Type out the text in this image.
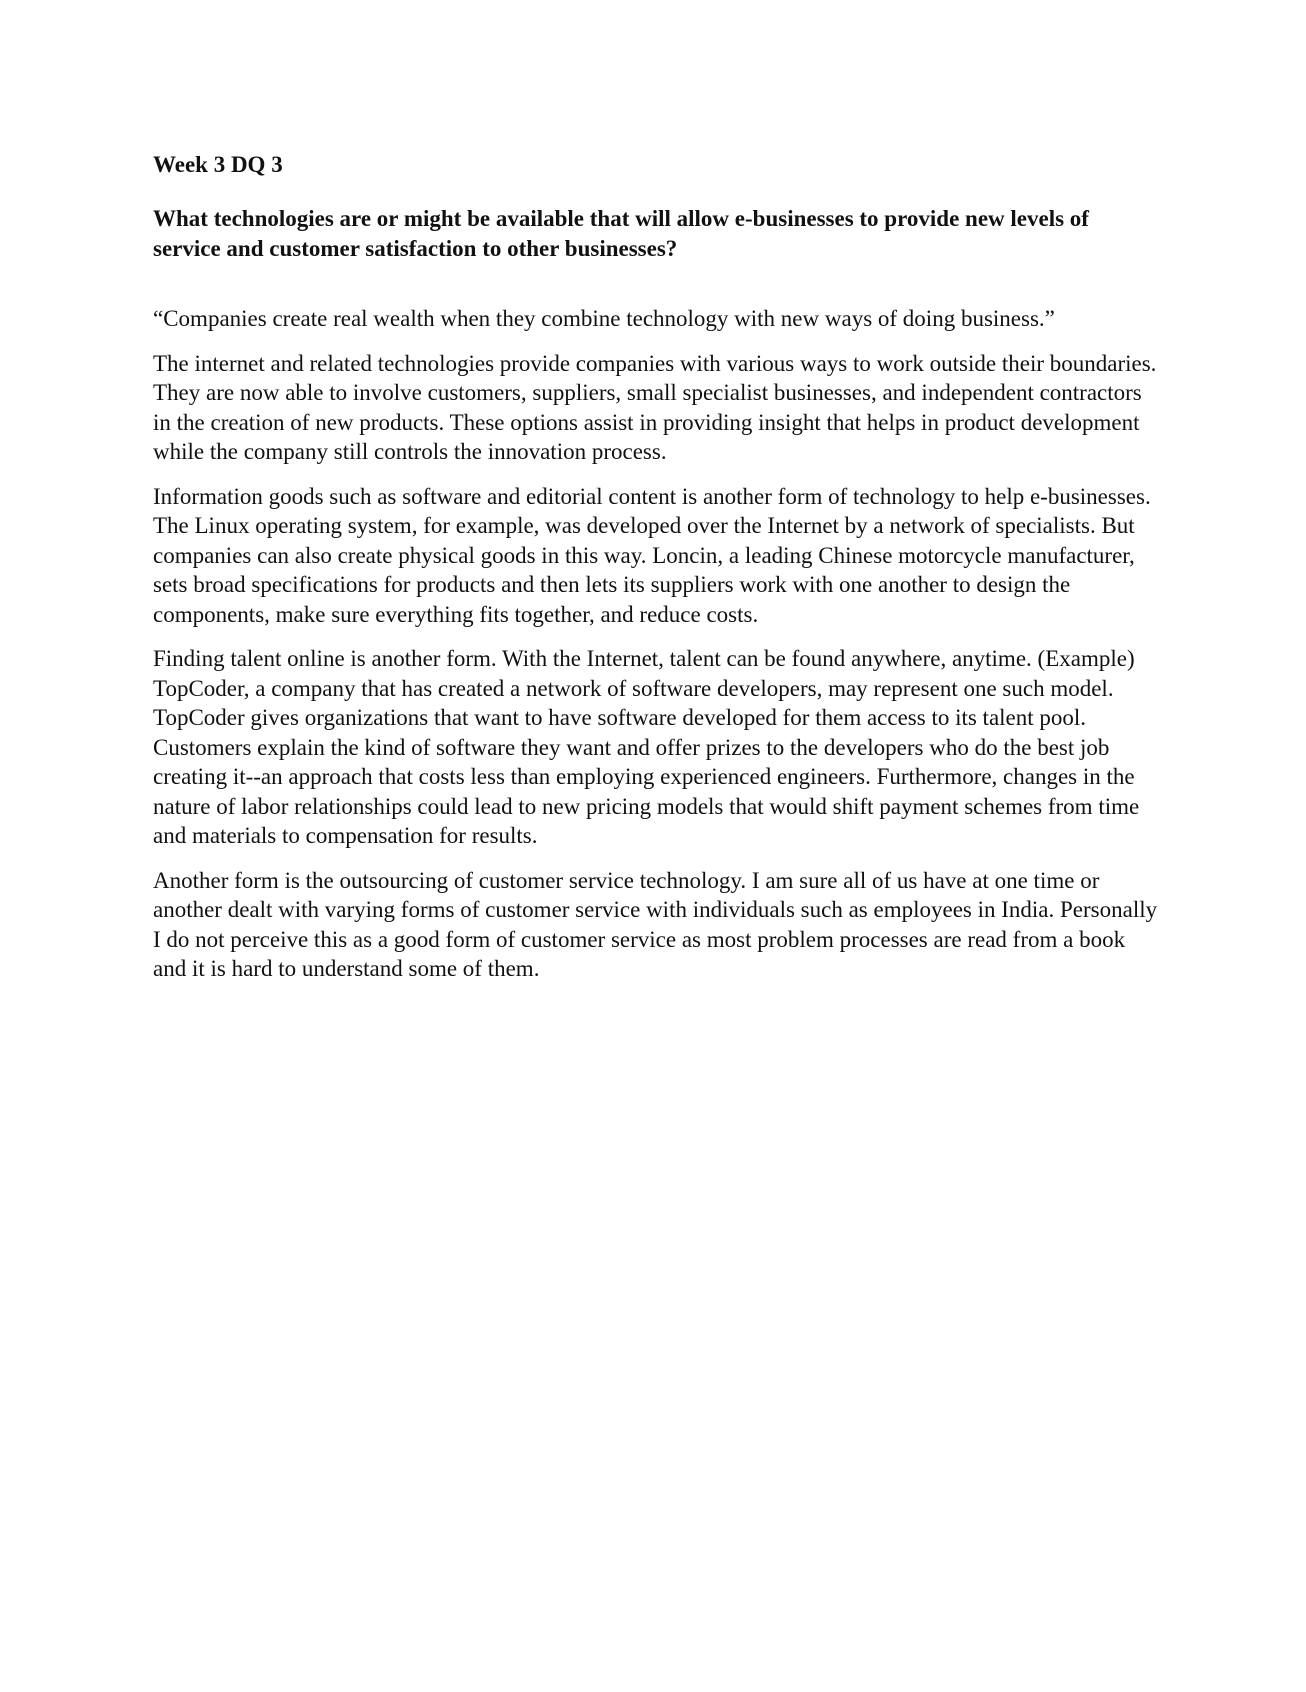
Week 3 DQ 3
What technologies are or might be available that will allow e-businesses to provide new levels of service and customer satisfaction to other businesses?

“Companies create real wealth when they combine technology with new ways of doing business.”

The internet and related technologies provide companies with various ways to work outside their boundaries. They are now able to involve customers, suppliers, small specialist businesses, and independent contractors in the creation of new products. These options assist in providing insight that helps in product development while the company still controls the innovation process.

Information goods such as software and editorial content is another form of technology to help e-businesses. The Linux operating system, for example, was developed over the Internet by a network of specialists. But companies can also create physical goods in this way. Loncin, a leading Chinese motorcycle manufacturer, sets broad specifications for products and then lets its suppliers work with one another to design the components, make sure everything fits together, and reduce costs.

Finding talent online is another form. With the Internet, talent can be found anywhere, anytime. (Example) TopCoder, a company that has created a network of software developers, may represent one such model. TopCoder gives organizations that want to have software developed for them access to its talent pool. Customers explain the kind of software they want and offer prizes to the developers who do the best job creating it--an approach that costs less than employing experienced engineers. Furthermore, changes in the nature of labor relationships could lead to new pricing models that would shift payment schemes from time and materials to compensation for results.

Another form is the outsourcing of customer service technology. I am sure all of us have at one time or another dealt with varying forms of customer service with individuals such as employees in India. Personally I do not perceive this as a good form of customer service as most problem processes are read from a book and it is hard to understand some of them.
